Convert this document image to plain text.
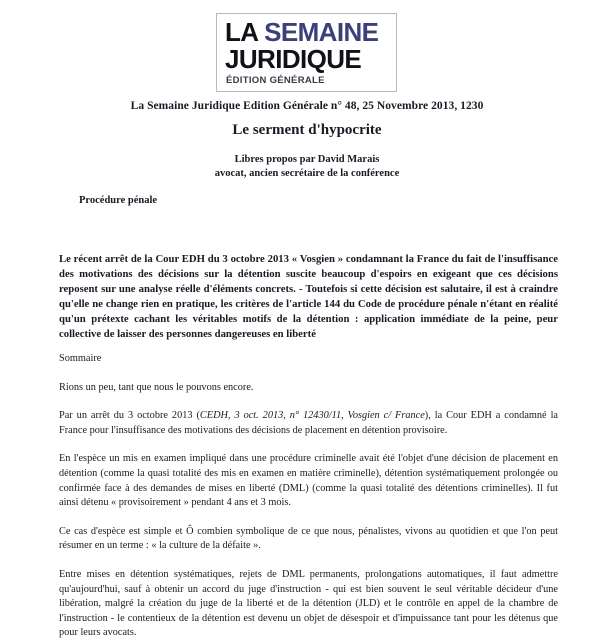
LA SEMAINE
JURIDIQUE
ÉDITION GÉNÉRALE
La Semaine Juridique Edition Générale n° 48, 25 Novembre 2013, 1230
Le serment d'hypocrite
Libres propos par David Marais
avocat, ancien secrétaire de la conférence
Procédure pénale
Le récent arrêt de la Cour EDH du 3 octobre 2013 « Vosgien » condamnant la France du fait de l'insuffisance des motivations des décisions sur la détention suscite beaucoup d'espoirs en exigeant que ces décisions reposent sur une analyse réelle d'éléments concrets. - Toutefois si cette décision est salutaire, il est à craindre qu'elle ne change rien en pratique, les critères de l'article 144 du Code de procédure pénale n'étant en réalité qu'un prétexte cachant les véritables motifs de la détention : application immédiate de la peine, peur collective de laisser des personnes dangereuses en liberté
Sommaire

Rions un peu, tant que nous le pouvons encore.

Par un arrêt du 3 octobre 2013 (CEDH, 3 oct. 2013, n° 12430/11, Vosgien c/ France), la Cour EDH a condamné la France pour l'insuffisance des motivations des décisions de placement en détention provisoire.

En l'espèce un mis en examen impliqué dans une procédure criminelle avait été l'objet d'une décision de placement en détention (comme la quasi totalité des mis en examen en matière criminelle), détention systématiquement prolongée ou confirmée face à des demandes de mises en liberté (DML) (comme la quasi totalité des détentions criminelles). Il fut ainsi détenu « provisoirement » pendant 4 ans et 3 mois.

Ce cas d'espèce est simple et Ô combien symbolique de ce que nous, pénalistes, vivons au quotidien et que l'on peut résumer en un terme : « la culture de la défaite ».

Entre mises en détention systématiques, rejets de DML permanents, prolongations automatiques, il faut admettre qu'aujourd'hui, sauf à obtenir un accord du juge d'instruction - qui est bien souvent le seul véritable décideur d'une libération, malgré la création du juge de la liberté et de la détention (JLD) et le contrôle en appel de la chambre de l'instruction - le contentieux de la détention est devenu un objet de désespoir et d'impuissance tant pour les détenus que pour leurs avocats.
